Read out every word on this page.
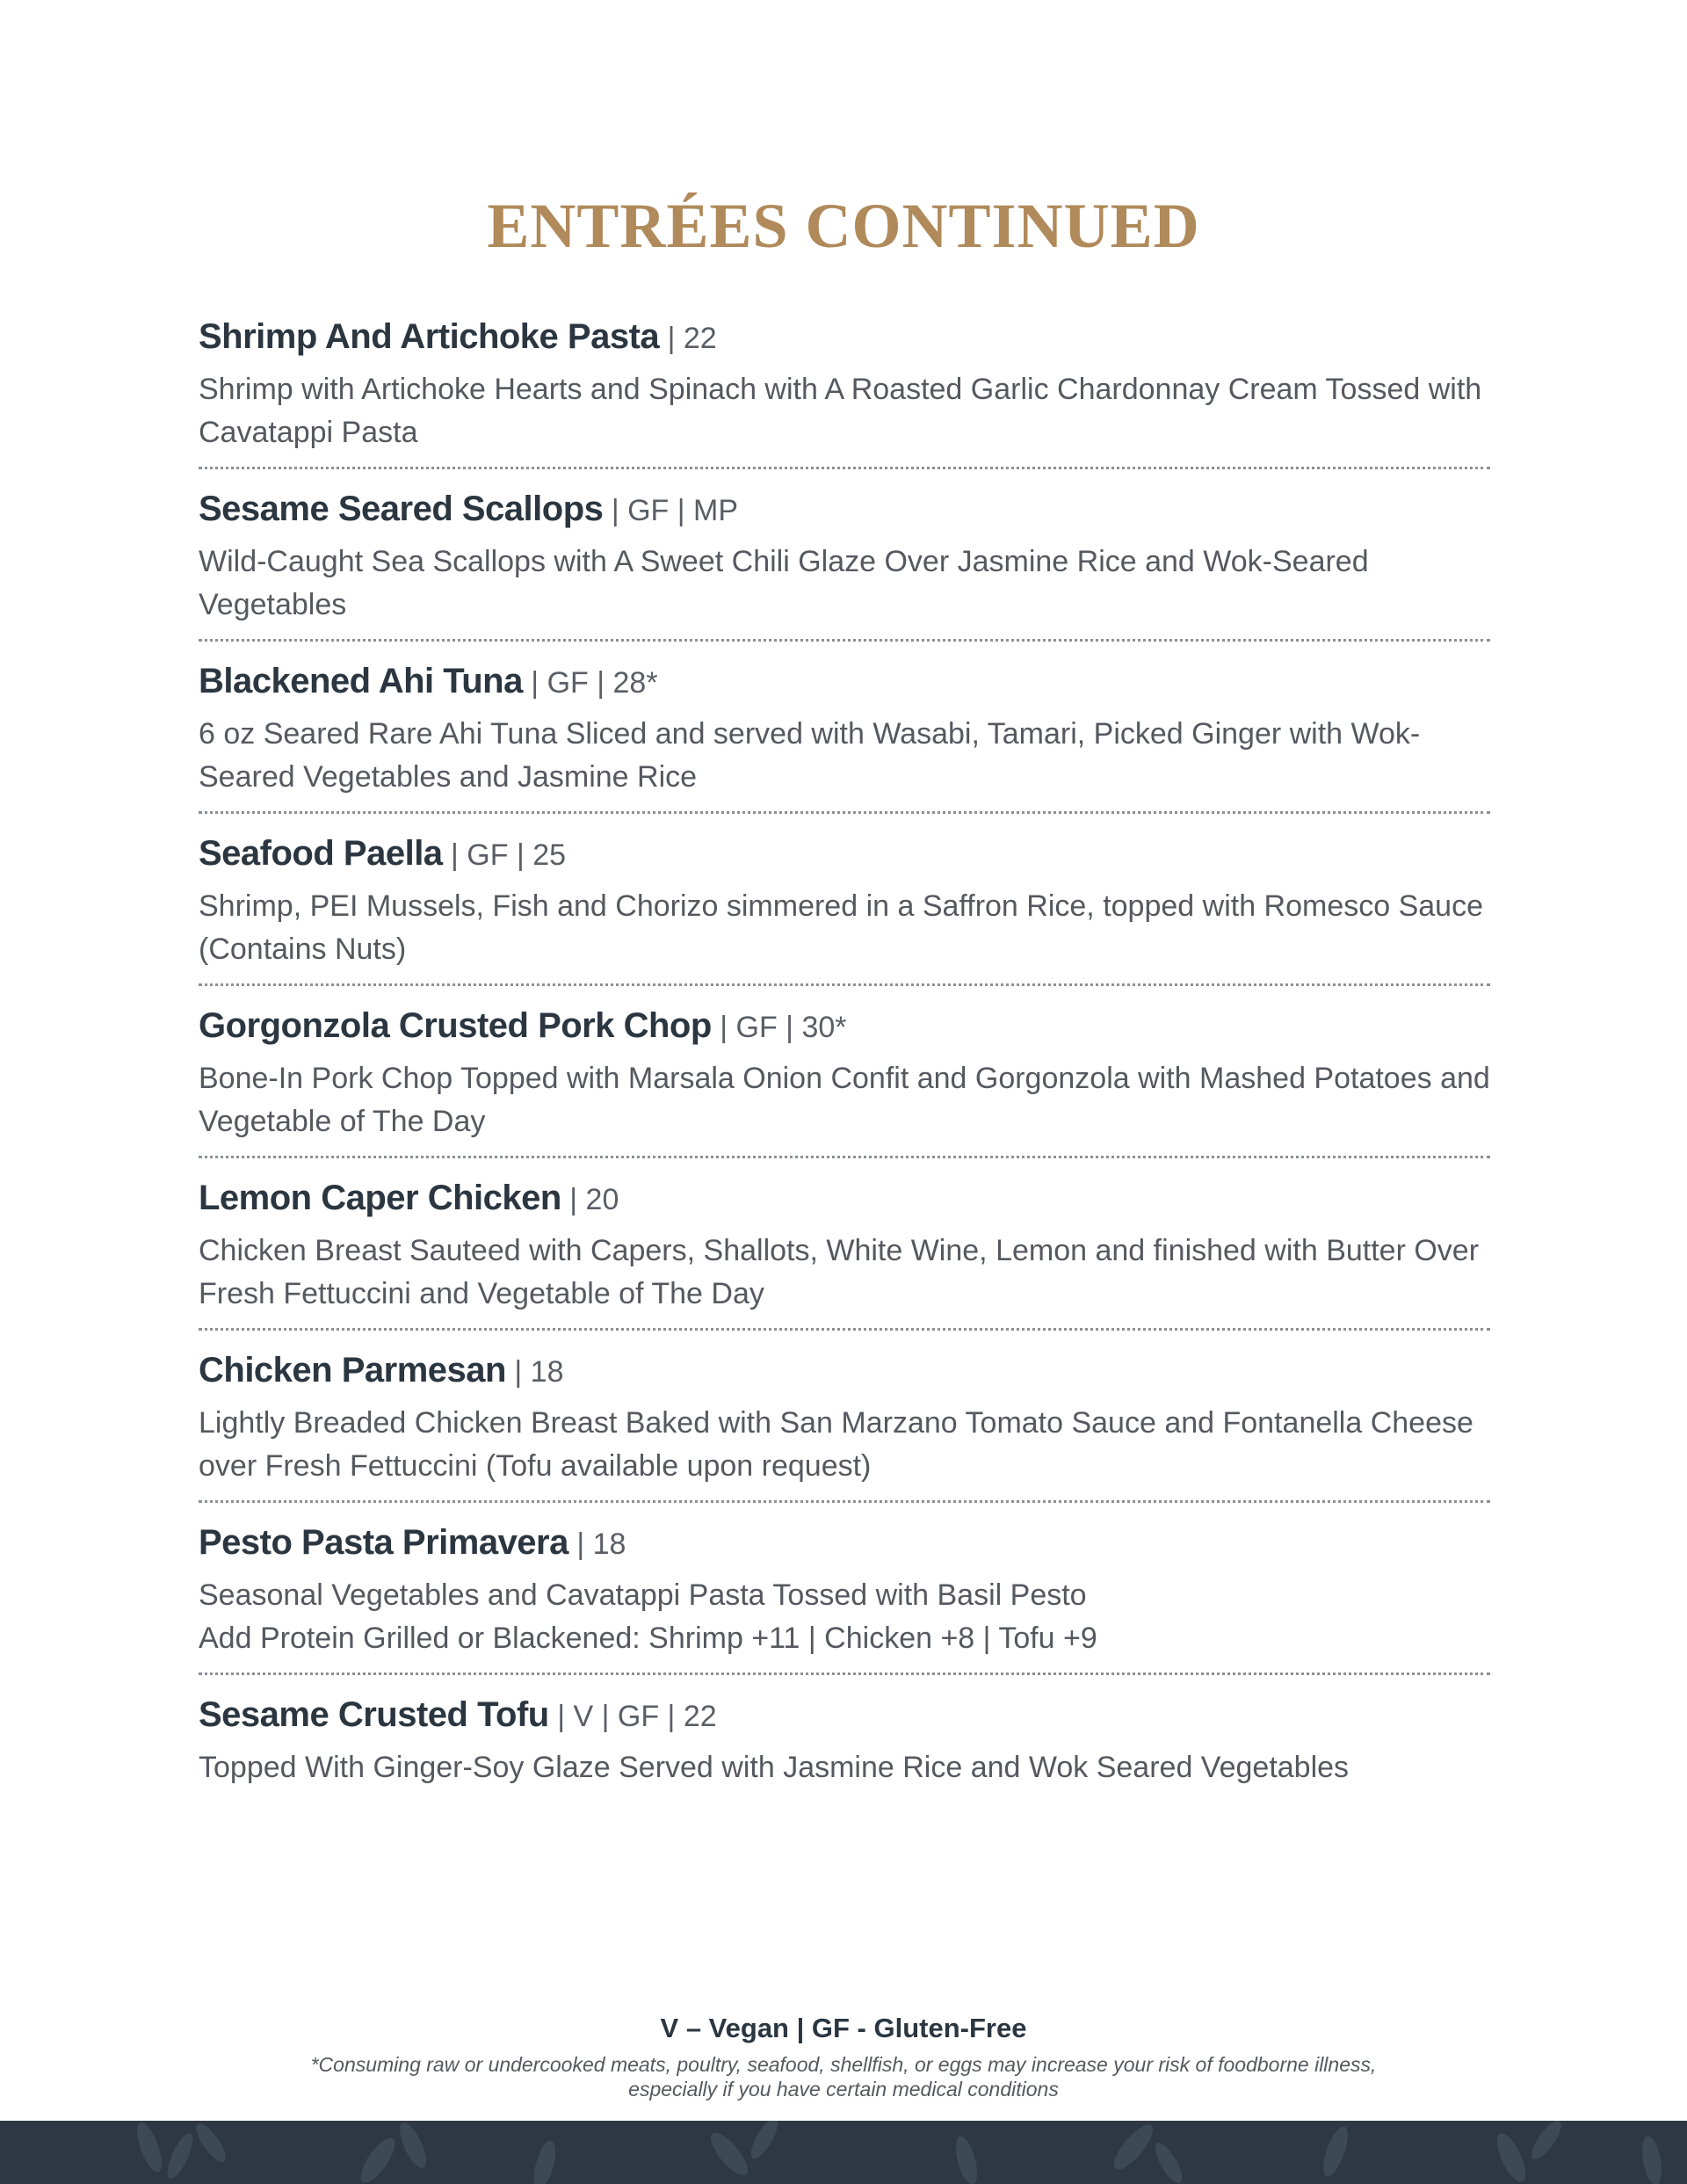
ENTRÉES CONTINUED

Shrimp And Artichoke Pasta | 22

Shrimp with Artichoke Hearts and Spinach with A Roasted Garlic Chardonnay Cream Tossed with Cavatappi Pasta

Sesame Seared Scallops | GF | MP

Wild-Caught Sea Scallops with A Sweet Chili Glaze Over Jasmine Rice and Wok-Seared Vegetables

Blackened Ahi Tuna | GF | 28*

6 oz Seared Rare Ahi Tuna Sliced and served with Wasabi, Tamari, Picked Ginger with Wok-Seared Vegetables and Jasmine Rice

Seafood Paella | GF | 25

Shrimp, PEI Mussels, Fish and Chorizo simmered in a Saffron Rice, topped with Romesco Sauce (Contains Nuts)

Gorgonzola Crusted Pork Chop | GF | 30*

Bone-In Pork Chop Topped with Marsala Onion Confit and Gorgonzola with Mashed Potatoes and Vegetable of The Day

Lemon Caper Chicken | 20

Chicken Breast Sauteed with Capers, Shallots, White Wine, Lemon and finished with Butter Over Fresh Fettuccini and Vegetable of The Day

Chicken Parmesan | 18

Lightly Breaded Chicken Breast Baked with San Marzano Tomato Sauce and Fontanella Cheese over Fresh Fettuccini (Tofu available upon request)

Pesto Pasta Primavera | 18

Seasonal Vegetables and Cavatappi Pasta Tossed with Basil Pesto

Add Protein Grilled or Blackened: Shrimp +11 | Chicken +8 | Tofu +9

Sesame Crusted Tofu | V | GF | 22

Topped With Ginger-Soy Glaze Served with Jasmine Rice and Wok Seared Vegetables

V – Vegan | GF - Gluten-Free
*Consuming raw or undercooked meats, poultry, seafood, shellfish, or eggs may increase your risk of foodborne illness, especially if you have certain medical conditions
